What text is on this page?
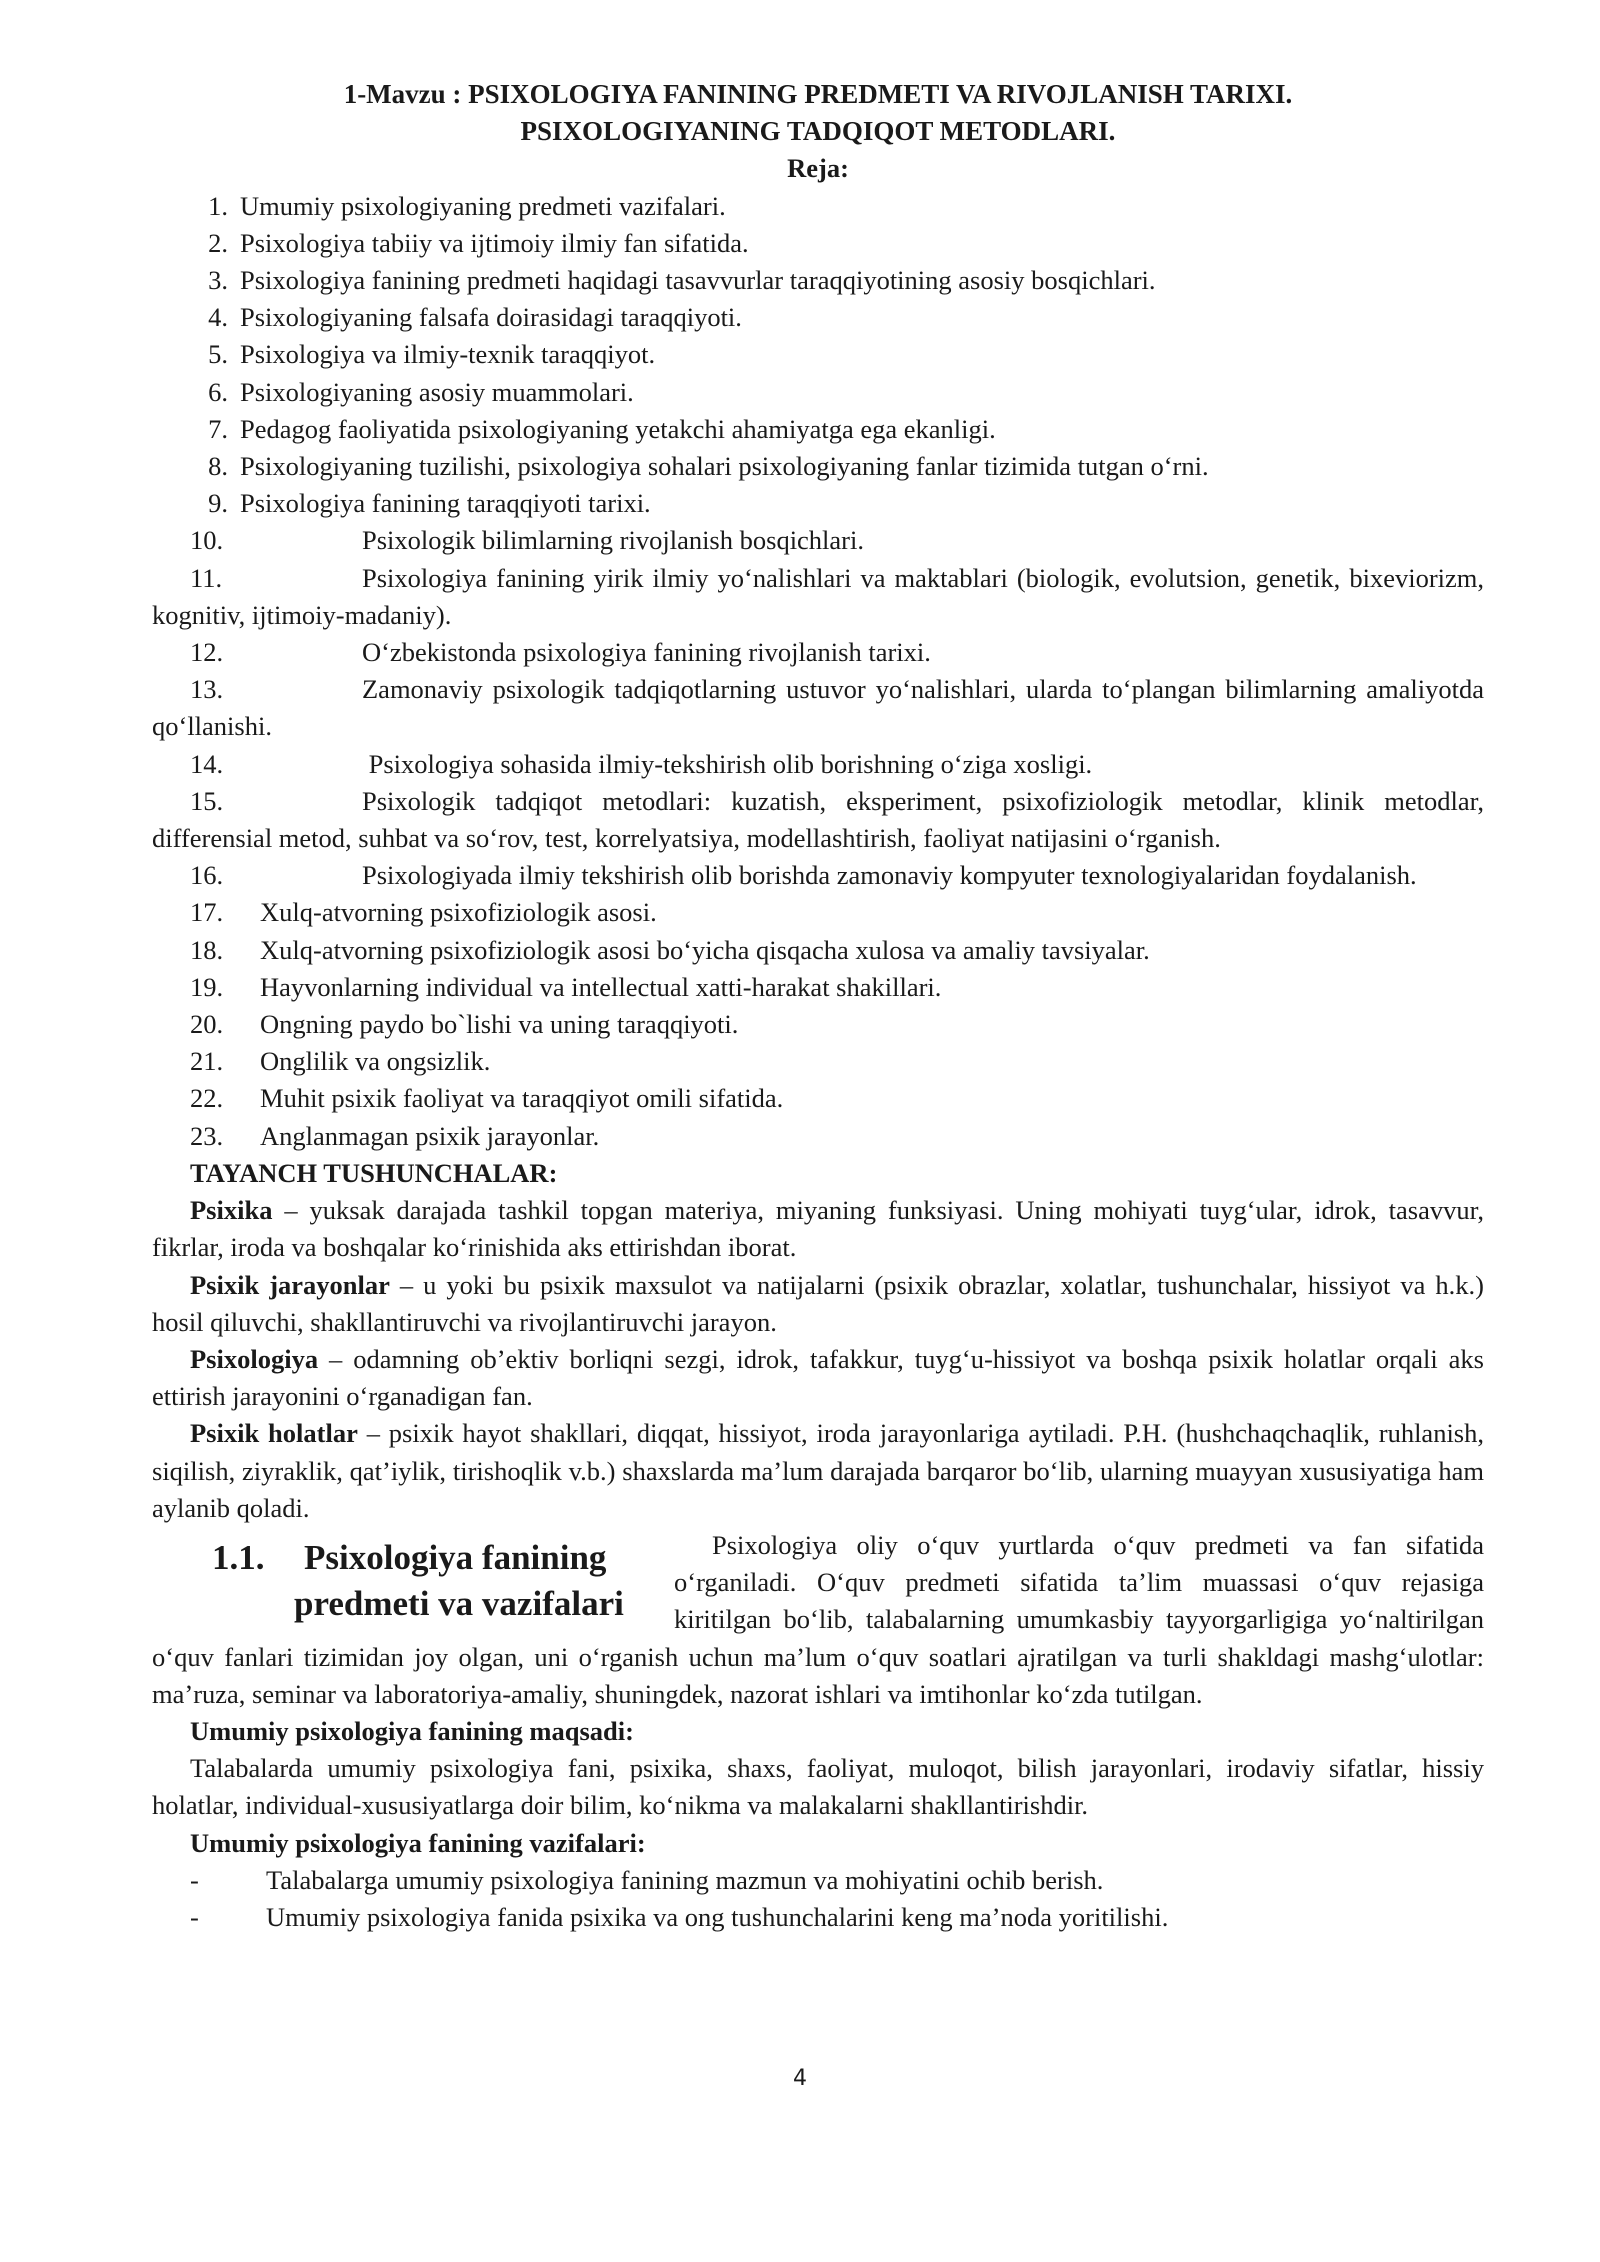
1-Mavzu : PSIXOLOGIYA FANINING PREDMETI VA RIVOJLANISH TARIXI.
PSIXOLOGIYANING TADQIQOT METODLARI.
Reja:
1. Umumiy psixologiyaning predmeti vazifalari.
2. Psixologiya tabiiy va ijtimoiy ilmiy fan sifatida.
3. Psixologiya fanining predmeti haqidagi tasavvurlar taraqqiyotining asosiy bosqichlari.
4. Psixologiyaning falsafa doirasidagi taraqqiyoti.
5. Psixologiya va ilmiy-texnik taraqqiyot.
6. Psixologiyaning asosiy muammolari.
7. Pedagog faoliyatida psixologiyaning yetakchi ahamiyatga ega ekanligi.
8. Psixologiyaning tuzilishi, psixologiya sohalari psixologiyaning fanlar tizimida tutgan o‘rni.
9. Psixologiya fanining taraqqiyoti tarixi.
10.	Psixologik bilimlarning rivojlanish bosqichlari.
11.	Psixologiya fanining yirik ilmiy yo‘nalishlari va maktablari (biologik, evolutsion, genetik, bixeviorizm, kognitiv, ijtimoiy-madaniy).
12.	O‘zbekistonda psixologiya fanining rivojlanish tarixi.
13.	Zamonaviy psixologik tadqiqotlarning ustuvor yo‘nalishlari, ularda to‘plangan bilimlarning amaliyotda qo‘llanishi.
14.	Psixologiya sohasida ilmiy-tekshirish olib borishning o‘ziga xosligi.
15.	Psixologik tadqiqot metodlari: kuzatish, eksperiment, psixofiziologik metodlar, klinik metodlar, differensial metod, suhbat va so‘rov, test, korrelyatsiya, modellashtirish, faoliyat natijasini o‘rganish.
16.	Psixologiyada ilmiy tekshirish olib borishda zamonaviy kompyuter texnologiyalaridan foydalanish.
17.	Xulq-atvorning psixofiziologik asosi.
18.	Xulq-atvorning psixofiziologik asosi bo‘yicha qisqacha xulosa va amaliy tavsiyalar.
19.	Hayvonlarning individual va intellectual xatti-harakat shakillari.
20.	Ongning paydo bo`lishi va uning taraqqiyoti.
21.	Onglilik va ongsizlik.
22.	Muhit psixik faoliyat va taraqqiyot omili sifatida.
23.	Anglanmagan psixik jarayonlar.
TAYANCH TUSHUNCHALAR:
Psixika – yuksak darajada tashkil topgan materiya, miyaning funksiyasi. Uning mohiyati tuyg‘ular, idrok, tasavvur, fikrlar, iroda va boshqalar ko‘rinishida aks ettirishdan iborat.
Psixik jarayonlar – u yoki bu psixik maxsulot va natijalarni (psixik obrazlar, xolatlar, tushunchalar, hissiyot va h.k.) hosil qiluvchi, shakllantiruvchi va rivojlantiruvchi jarayon.
Psixologiya – odamning ob’ektiv borliqni sezgi, idrok, tafakkur, tuyg‘u-hissiyot va boshqa psixik holatlar orqali aks ettirish jarayonini o‘rganadigan fan.
Psixik holatlar – psixik hayot shakllari, diqqat, hissiyot, iroda jarayonlariga aytiladi. P.H. (hushchaqchaqlik, ruhlanish, siqilish, ziyraklik, qat’iylik, tirishoqlik v.b.) shaxslarda ma’lum darajada barqaror bo‘lib, ularning muayyan xususiyatiga ham aylanib qoladi.
1.1. Psixologiya fanining
predmeti va vazifalari
Psixologiya oliy o‘quv yurtlarda o‘quv predmeti va fan sifatida o‘rganiladi. O‘quv predmeti sifatida ta’lim muassasi o‘quv rejasiga kiritilgan bo‘lib, talabalarning umumkasbiy tayyorgarligiga yo‘naltirilgan o‘quv fanlari tizimidan joy olgan, uni o‘rganish uchun ma’lum o‘quv soatlari ajratilgan va turli shakldagi mashg‘ulotlar: ma’ruza, seminar va laboratoriya-amaliy, shuningdek, nazorat ishlari va imtihonlar ko‘zda tutilgan.
Umumiy psixologiya fanining maqsadi:
Talabalarda umumiy psixologiya fani, psixika, shaxs, faoliyat, muloqot, bilish jarayonlari, irodaviy sifatlar, hissiy holatlar, individual-xususiyatlarga doir bilim, ko‘nikma va malakalarni shakllantirishdir.
Umumiy psixologiya fanining vazifalari:
-	Talabalarga umumiy psixologiya fanining mazmun va mohiyatini ochib berish.
-	Umumiy psixologiya fanida psixika va ong tushunchalarini keng ma’noda yoritilishi.
4
